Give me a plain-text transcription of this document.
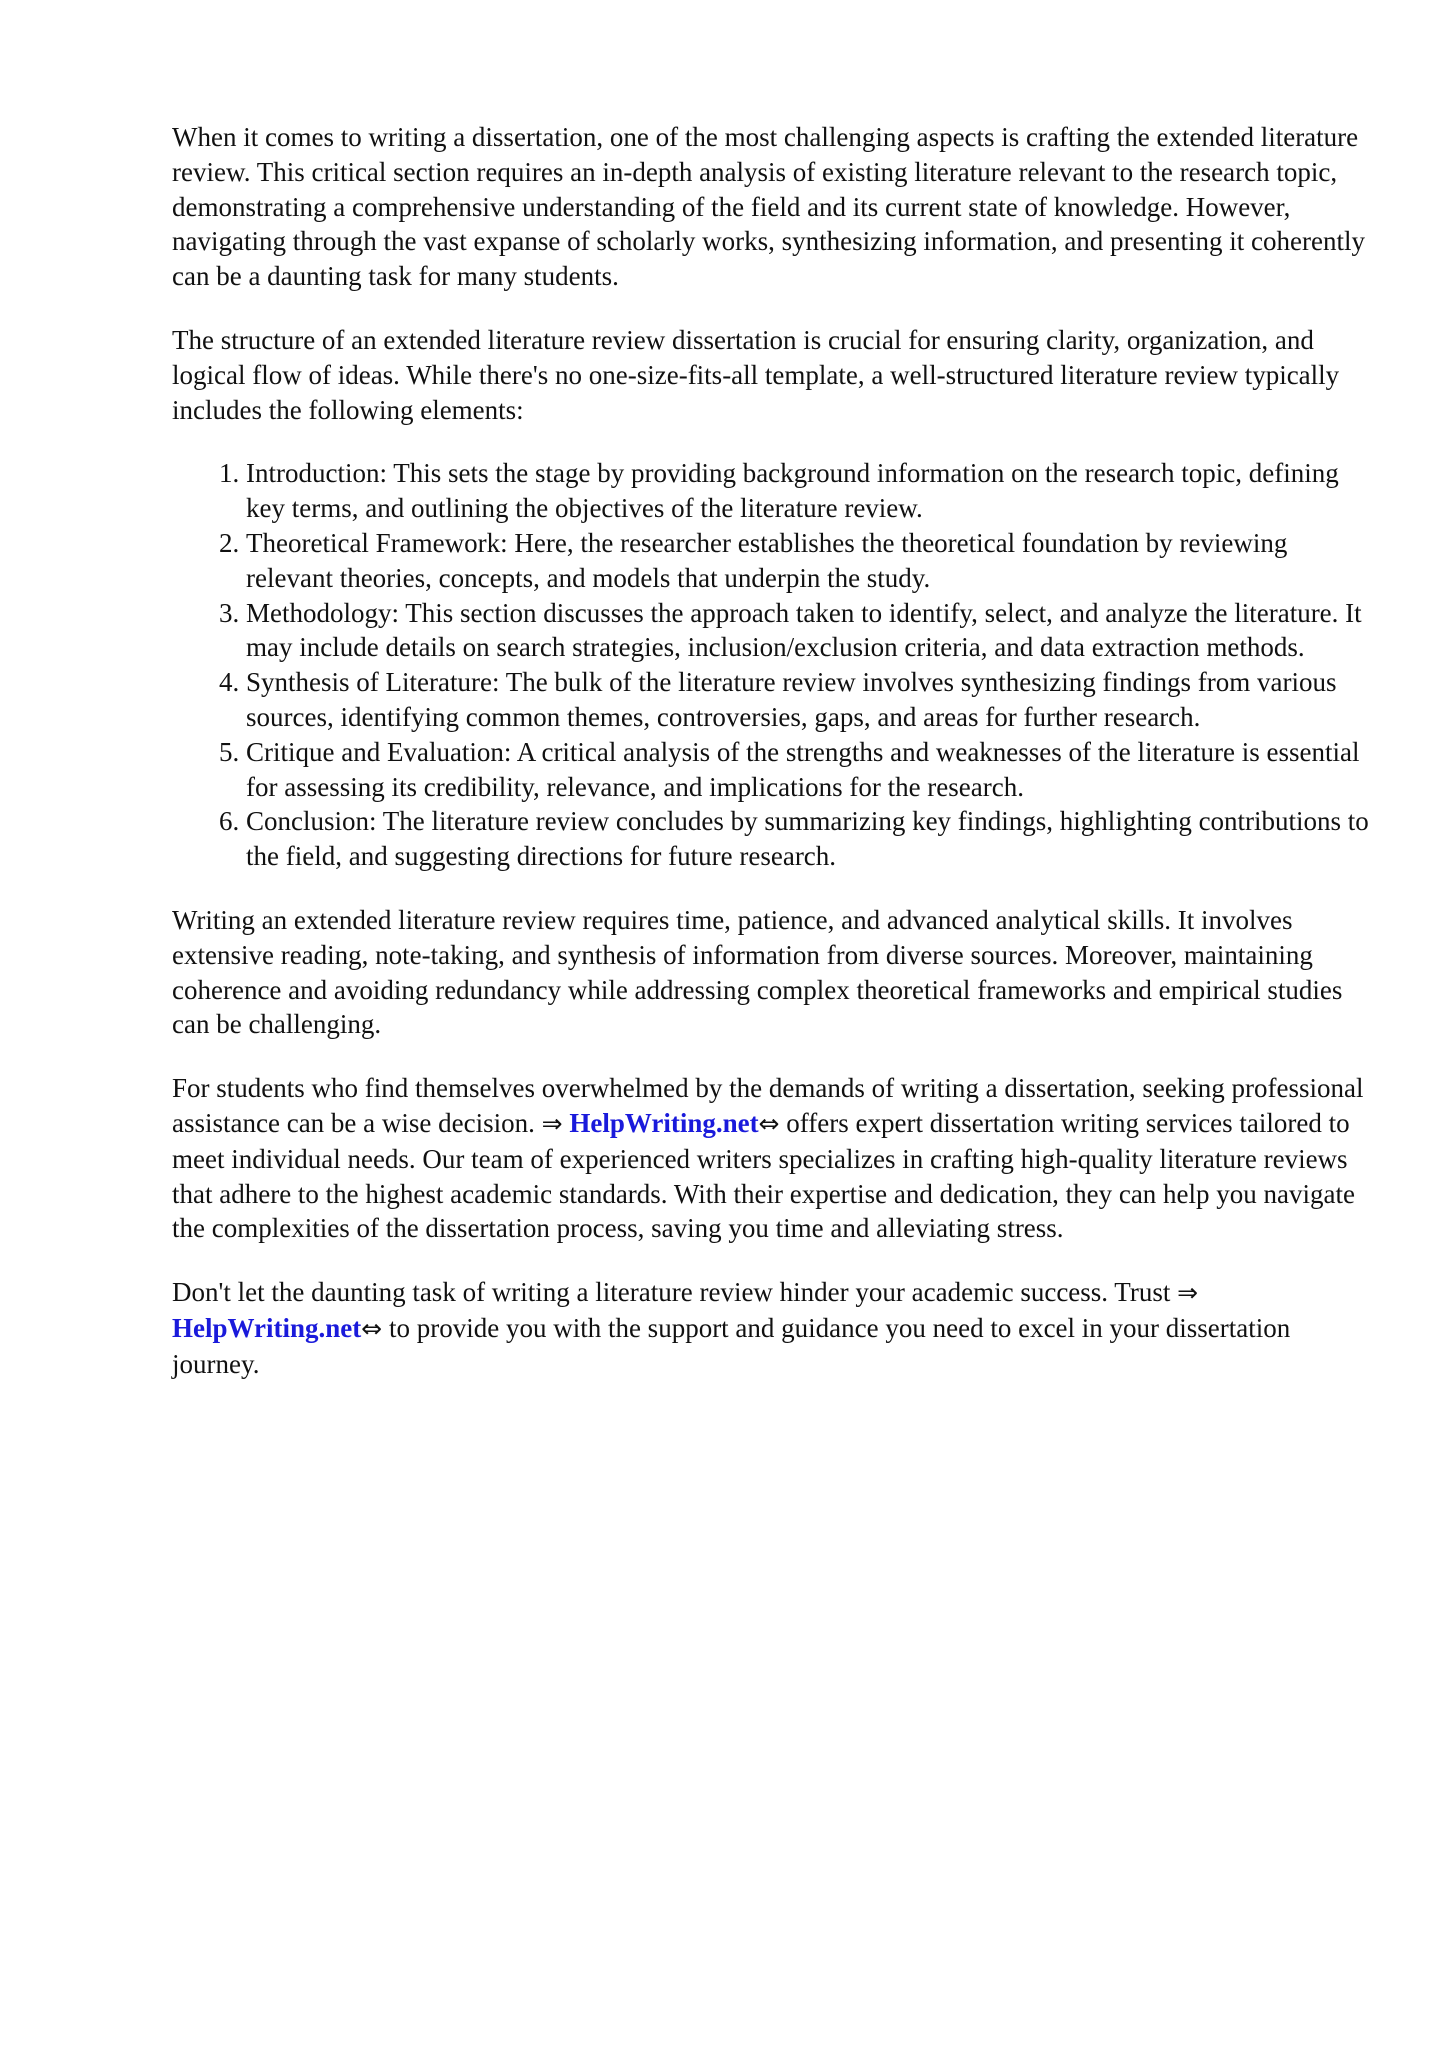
When it comes to writing a dissertation, one of the most challenging aspects is crafting the extended literature review. This critical section requires an in-depth analysis of existing literature relevant to the research topic, demonstrating a comprehensive understanding of the field and its current state of knowledge. However, navigating through the vast expanse of scholarly works, synthesizing information, and presenting it coherently can be a daunting task for many students.

The structure of an extended literature review dissertation is crucial for ensuring clarity, organization, and logical flow of ideas. While there's no one-size-fits-all template, a well-structured literature review typically includes the following elements:

1. Introduction: This sets the stage by providing background information on the research topic, defining key terms, and outlining the objectives of the literature review.
2. Theoretical Framework: Here, the researcher establishes the theoretical foundation by reviewing relevant theories, concepts, and models that underpin the study.
3. Methodology: This section discusses the approach taken to identify, select, and analyze the literature. It may include details on search strategies, inclusion/exclusion criteria, and data extraction methods.
4. Synthesis of Literature: The bulk of the literature review involves synthesizing findings from various sources, identifying common themes, controversies, gaps, and areas for further research.
5. Critique and Evaluation: A critical analysis of the strengths and weaknesses of the literature is essential for assessing its credibility, relevance, and implications for the research.
6. Conclusion: The literature review concludes by summarizing key findings, highlighting contributions to the field, and suggesting directions for future research.

Writing an extended literature review requires time, patience, and advanced analytical skills. It involves extensive reading, note-taking, and synthesis of information from diverse sources. Moreover, maintaining coherence and avoiding redundancy while addressing complex theoretical frameworks and empirical studies can be challenging.

For students who find themselves overwhelmed by the demands of writing a dissertation, seeking professional assistance can be a wise decision. ⇒ HelpWriting.net⇔ offers expert dissertation writing services tailored to meet individual needs. Our team of experienced writers specializes in crafting high-quality literature reviews that adhere to the highest academic standards. With their expertise and dedication, they can help you navigate the complexities of the dissertation process, saving you time and alleviating stress.

Don't let the daunting task of writing a literature review hinder your academic success. Trust ⇒ HelpWriting.net⇔ to provide you with the support and guidance you need to excel in your dissertation journey.
